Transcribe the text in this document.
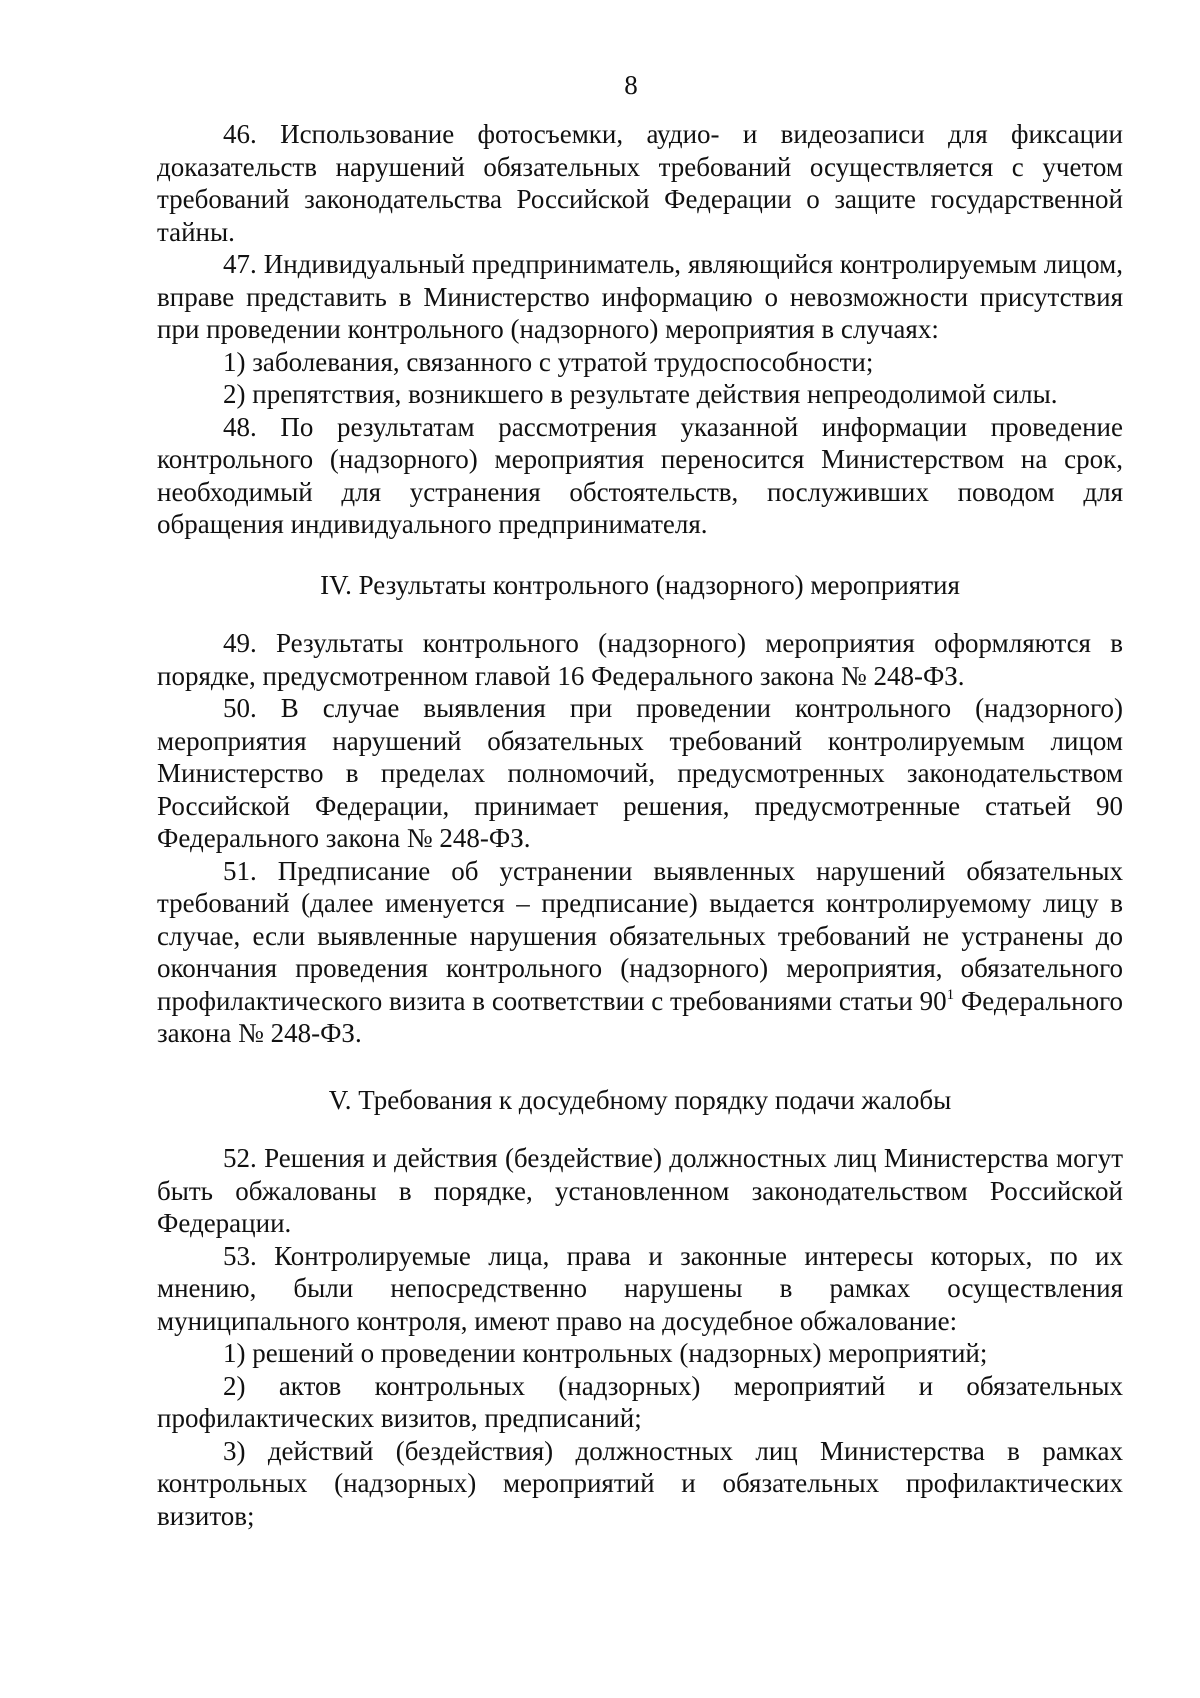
8

46. Использование фотосъемки, аудио- и видеозаписи для фиксации доказательств нарушений обязательных требований осуществляется с учетом требований законодательства Российской Федерации о защите государственной тайны.

47. Индивидуальный предприниматель, являющийся контролируемым лицом, вправе представить в Министерство информацию о невозможности присутствия при проведении контрольного (надзорного) мероприятия в случаях:

1) заболевания, связанного с утратой трудоспособности;

2) препятствия, возникшего в результате действия непреодолимой силы.

48. По результатам рассмотрения указанной информации проведение контрольного (надзорного) мероприятия переносится Министерством на срок, необходимый для устранения обстоятельств, послуживших поводом для обращения индивидуального предпринимателя.

IV. Результаты контрольного (надзорного) мероприятия

49. Результаты контрольного (надзорного) мероприятия оформляются в порядке, предусмотренном главой 16 Федерального закона № 248-ФЗ.

50. В случае выявления при проведении контрольного (надзорного) мероприятия нарушений обязательных требований контролируемым лицом Министерство в пределах полномочий, предусмотренных законодательством Российской Федерации, принимает решения, предусмотренные статьей 90 Федерального закона № 248-ФЗ.

51. Предписание об устранении выявленных нарушений обязательных требований (далее именуется – предписание) выдается контролируемому лицу в случае, если выявленные нарушения обязательных требований не устранены до окончания проведения контрольного (надзорного) мероприятия, обязательного профилактического визита в соответствии с требованиями статьи $90^1$ Федерального закона № 248-ФЗ.

V. Требования к досудебному порядку подачи жалобы

52. Решения и действия (бездействие) должностных лиц Министерства могут быть обжалованы в порядке, установленном законодательством Российской Федерации.

53. Контролируемые лица, права и законные интересы которых, по их мнению, были непосредственно нарушены в рамках осуществления муниципального контроля, имеют право на досудебное обжалование:

1) решений о проведении контрольных (надзорных) мероприятий;

2) актов контрольных (надзорных) мероприятий и обязательных профилактических визитов, предписаний;

3) действий (бездействия) должностных лиц Министерства в рамках контрольных (надзорных) мероприятий и обязательных профилактических визитов;
